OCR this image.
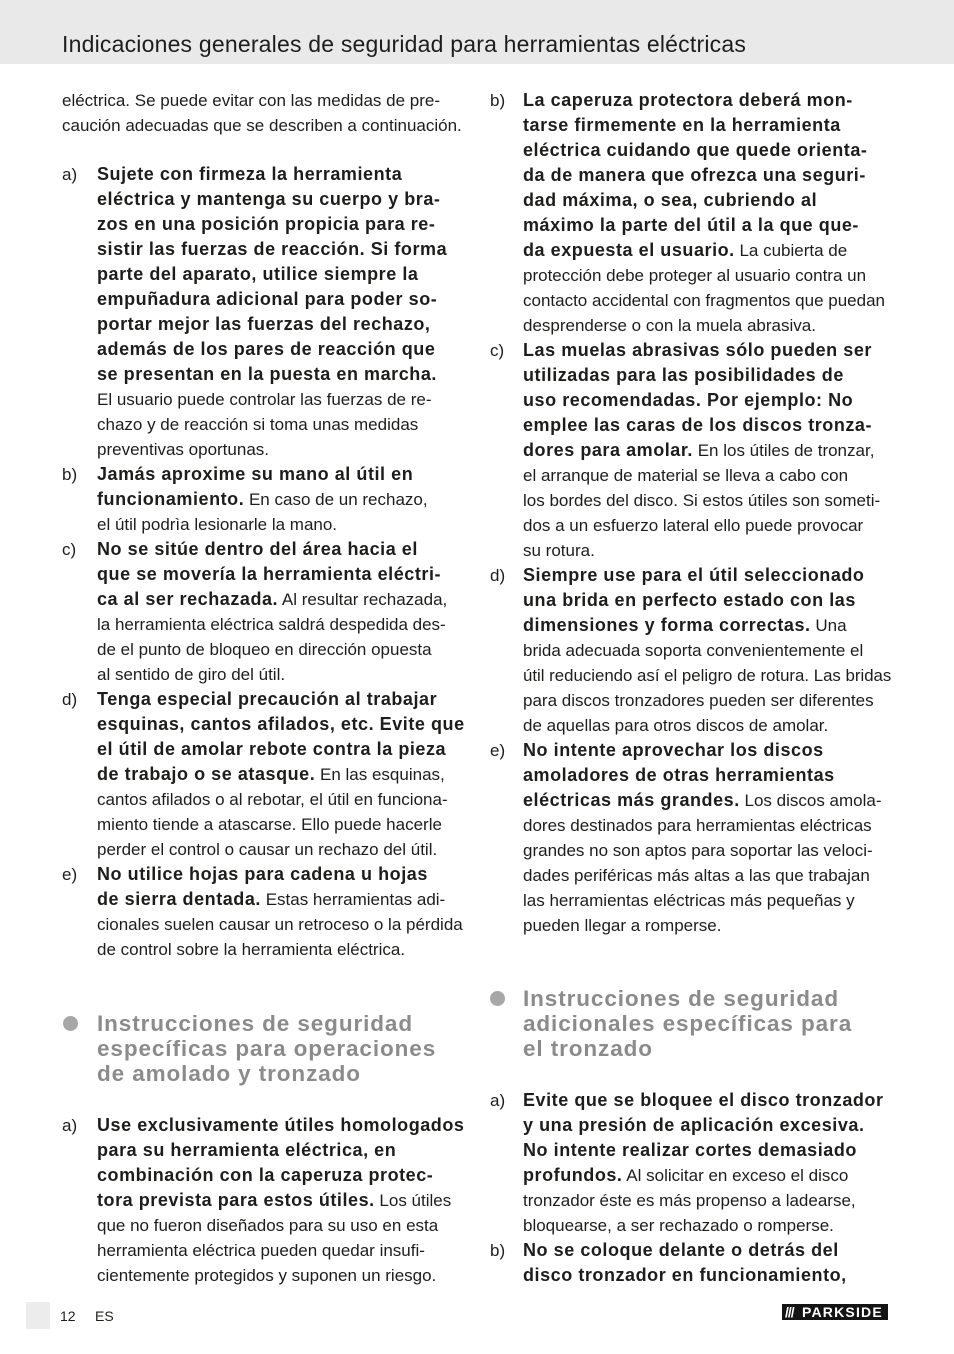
Indicaciones generales de seguridad para herramientas eléctricas
eléctrica. Se puede evitar con las medidas de pre-
caución adecuadas que se describen a continuación.
a) Sujete con firmeza la herramienta
eléctrica y mantenga su cuerpo y bra-
zos en una posición propicia para re-
sistir las fuerzas de reacción. Si forma
parte del aparato, utilice siempre la
empuñadura adicional para poder so-
portar mejor las fuerzas del rechazo,
además de los pares de reacción que
se presentan en la puesta en marcha.
El usuario puede controlar las fuerzas de re-
chazo y de reacción si toma unas medidas
preventivas oportunas.
b) Jamás aproxime su mano al útil en
funcionamiento. En caso de un rechazo,
el útil podrìa lesionarle la mano.
c) No se sitúe dentro del área hacia el
que se movería la herramienta eléctri-
ca al ser rechazada. Al resultar rechazada,
la herramienta eléctrica saldrá despedida des-
de el punto de bloqueo en dirección opuesta
al sentido de giro del útil.
d) Tenga especial precaución al trabajar
esquinas, cantos afilados, etc. Evite que
el útil de amolar rebote contra la pieza
de trabajo o se atasque. En las esquinas,
cantos afilados o al rebotar, el útil en funciona-
miento tiende a atascarse. Ello puede hacerle
perder el control o causar un rechazo del útil.
e) No utilice hojas para cadena u hojas
de sierra dentada. Estas herramientas adi-
cionales suelen causar un retroceso o la pérdida
de control sobre la herramienta eléctrica.
Instrucciones de seguridad
específicas para operaciones
de amolado y tronzado
a) Use exclusivamente útiles homologados
para su herramienta eléctrica, en
combinación con la caperuza protec-
tora prevista para estos útiles. Los útiles
que no fueron diseñados para su uso en esta
herramienta eléctrica pueden quedar insufi-
cientemente protegidos y suponen un riesgo.
b) La caperuza protectora deberá mon-
tarse firmemente en la herramienta
eléctrica cuidando que quede orienta-
da de manera que ofrezca una seguri-
dad máxima, o sea, cubriendo al
máximo la parte del útil a la que que-
da expuesta el usuario. La cubierta de
protección debe proteger al usuario contra un
contacto accidental con fragmentos que puedan
desprenderse o con la muela abrasiva.
c) Las muelas abrasivas sólo pueden ser
utilizadas para las posibilidades de
uso recomendadas. Por ejemplo: No
emplee las caras de los discos tronza-
dores para amolar. En los útiles de tronzar,
el arranque de material se lleva a cabo con
los bordes del disco. Si estos útiles son someti-
dos a un esfuerzo lateral ello puede provocar
su rotura.
d) Siempre use para el útil seleccionado
una brida en perfecto estado con las
dimensiones y forma correctas. Una
brida adecuada soporta convenientemente el
útil reduciendo así el peligro de rotura. Las bridas
para discos tronzadores pueden ser diferentes
de aquellas para otros discos de amolar.
e) No intente aprovechar los discos
amoladores de otras herramientas
eléctricas más grandes. Los discos amola-
dores destinados para herramientas eléctricas
grandes no son aptos para soportar las veloci-
dades periféricas más altas a las que trabajan
las herramientas eléctricas más pequeñas y
pueden llegar a romperse.
Instrucciones de seguridad
adicionales específicas para
el tronzado
a) Evite que se bloquee el disco tronzador
y una presión de aplicación excesiva.
No intente realizar cortes demasiado
profundos. Al solicitar en exceso el disco
tronzador éste es más propenso a ladearse,
bloquearse, a ser rechazado o romperse.
b) No se coloque delante o detrás del
disco tronzador en funcionamiento,
12 ES	/// PARKSIDE
